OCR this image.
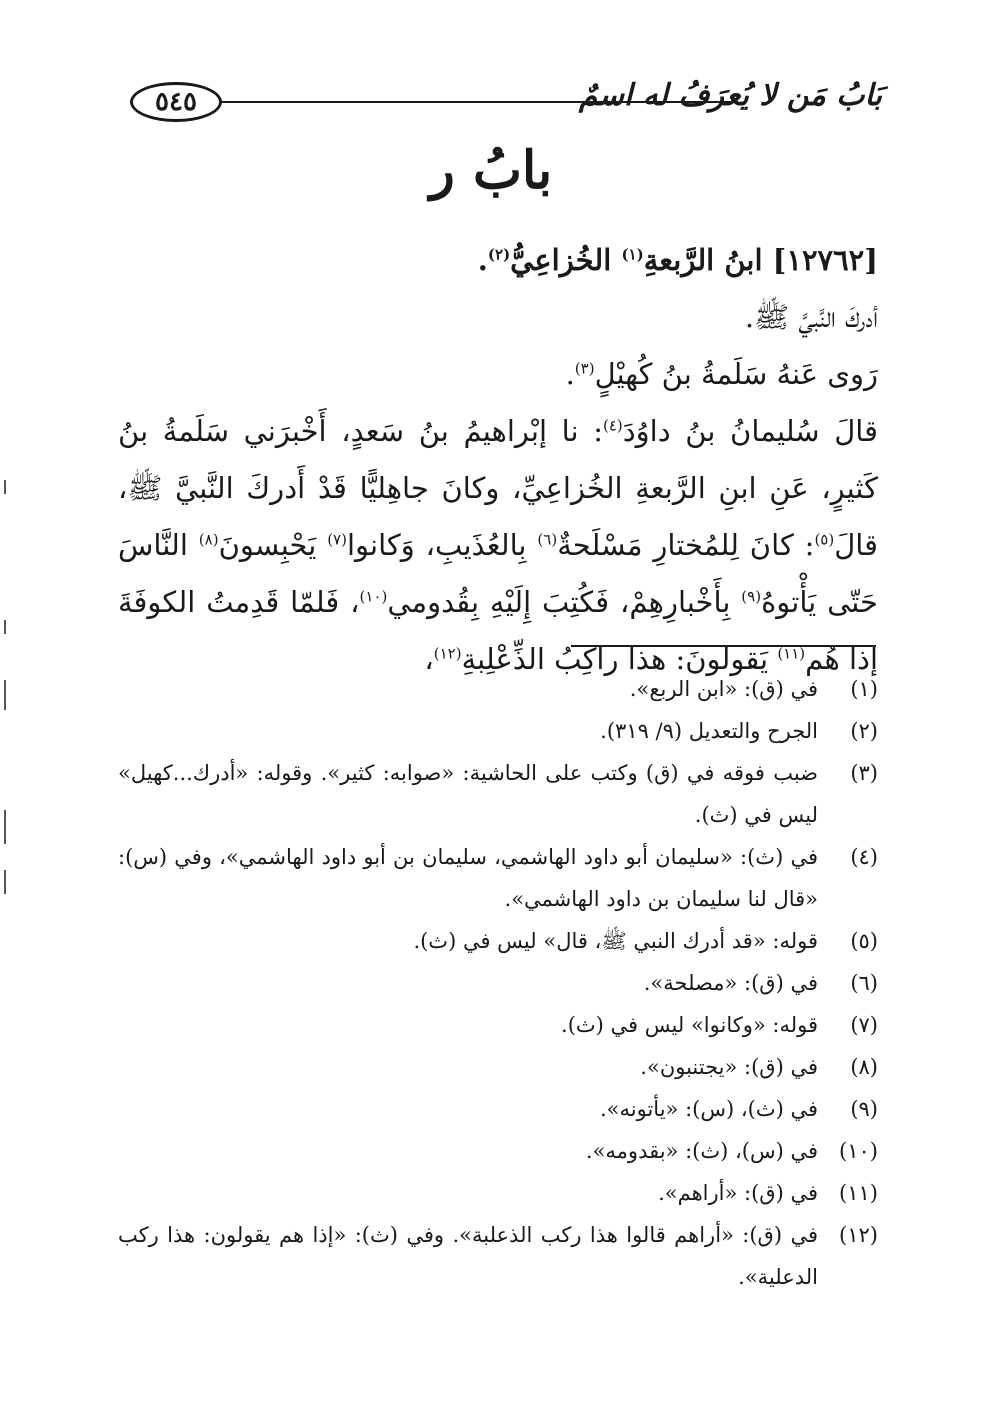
٥٤٥	بَابُ مَن لا يُعرَفُ له اسمٌ
بابُ ر

[١٢٧٦٢] ابنُ الرَّبعةِ$^{(١)}$ الخُزاعِيُّ$^{(٢)}$.

أدركَ النَّبيَّ ﷺ.

رَوى عَنهُ سَلَمةُ بنُ كُهيْلٍ$^{(٣)}$.

قالَ سُليمانُ بنُ داوُدَ$^{(٤)}$: نا إبْراهيمُ بنُ سَعدٍ، أَخْبرَني سَلَمةُ بنُ كَثيرٍ، عَنِ ابنِ الرَّبعةِ الخُزاعِيِّ، وكانَ جاهِليًّا قَدْ أَدركَ النَّبيَّ ﷺ، قالَ$^{(٥)}$: كانَ لِلمُختارِ مَسْلَحةٌ$^{(٦)}$ بِالعُذَيبِ، وَكانوا$^{(٧)}$ يَحْبِسونَ$^{(٨)}$ النَّاسَ حَتّى يَأْتوهُ$^{(٩)}$ بِأَخْبارِهِمْ، فَكُتِبَ إِلَيْهِ بِقُدومي$^{(١٠)}$، فَلمّا قَدِمتُ الكوفَةَ إذا هُم$^{(١١)}$ يَقولونَ: هذا راكِبُ الذِّعْلِبةِ$^{(١٢)}$،

(١)
في (ق): «ابن الربع».
(٢)
الجرح والتعديل (٩/ ٣١٩).
(٣)
ضبب فوقه في (ق) وكتب على الحاشية: «صوابه: كثير». وقوله: «أدرك...كهيل» ليس في (ث).
(٤)
في (ث): «سليمان أبو داود الهاشمي، سليمان بن أبو داود الهاشمي»، وفي (س): «قال لنا سليمان بن داود الهاشمي».
(٥)
قوله: «قد أدرك النبي ﷺ، قال» ليس في (ث).
(٦)
في (ق): «مصلحة».
(٧)
قوله: «وكانوا» ليس في (ث).
(٨)
في (ق): «يجتنبون».
(٩)
في (ث)، (س): «يأتونه».
(١٠)
في (س)، (ث): «بقدومه».
(١١)
في (ق): «أراهم».
(١٢)
في (ق): «أراهم قالوا هذا ركب الذعلبة». وفي (ث): «إذا هم يقولون: هذا ركب الدعلية».
